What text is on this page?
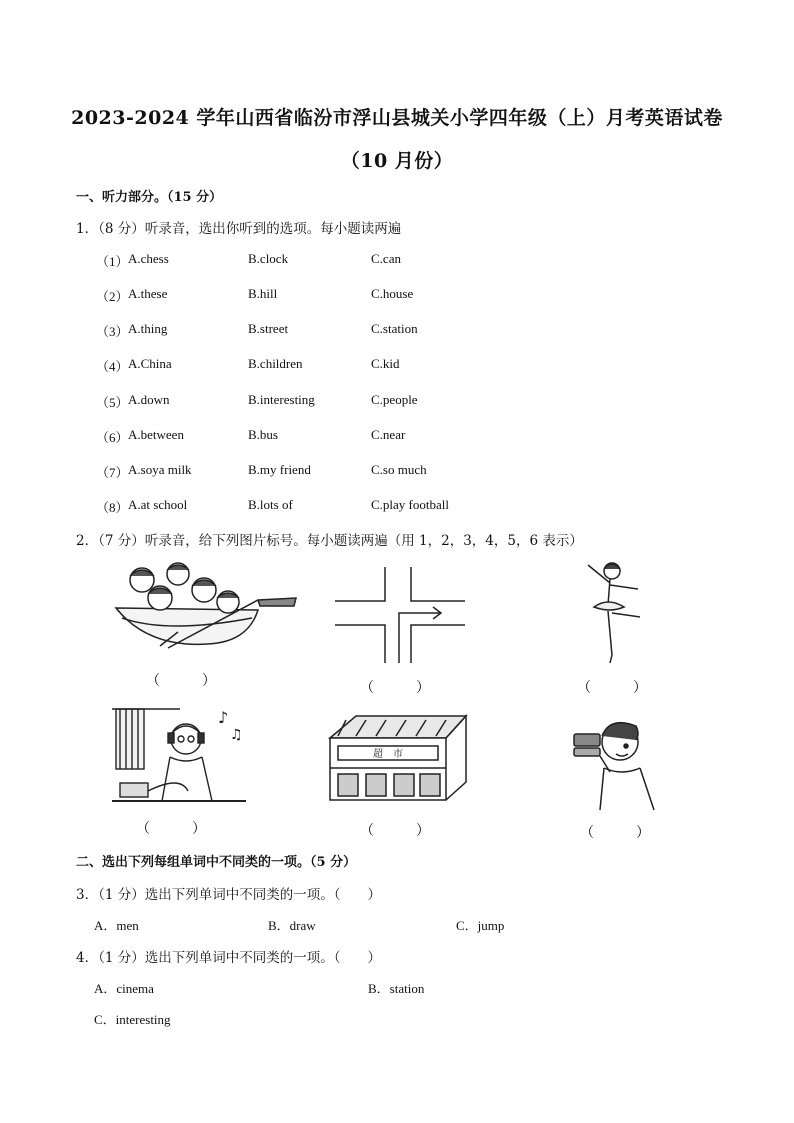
2023-2024 学年山西省临汾市浮山县城关小学四年级（上）月考英语试卷
（10 月份）
一、听力部分。（15 分）
1．（8 分）听录音，选出你听到的选项。每小题读两遍
（1） A.chess	B.clock	C.can
（2） A.these	B.hill	C.house
（3） A.thing	B.street	C.station
（4） A.China	B.children	C.kid
（5） A.down	B.interesting	C.people
（6） A.between	B.bus	C.near
（7） A.soya milk	B.my friend	C.so much
（8） A.at school	B.lots of	C.play football
2．（7 分）听录音，给下列图片标号。每小题读两遍（用 1，2，3，4，5，6 表示）
（　　　）	（　　　）	（　　　）
♪
♫
（　　　）
超　市
（　　　）	（　　　）
二、选出下列每组单词中不同类的一项。（5 分）
3．（1 分）选出下列单词中不同类的一项。（　　）
A．men	B．draw	C．jump
4．（1 分）选出下列单词中不同类的一项。（　　）
A．cinema	B．station
C．interesting
